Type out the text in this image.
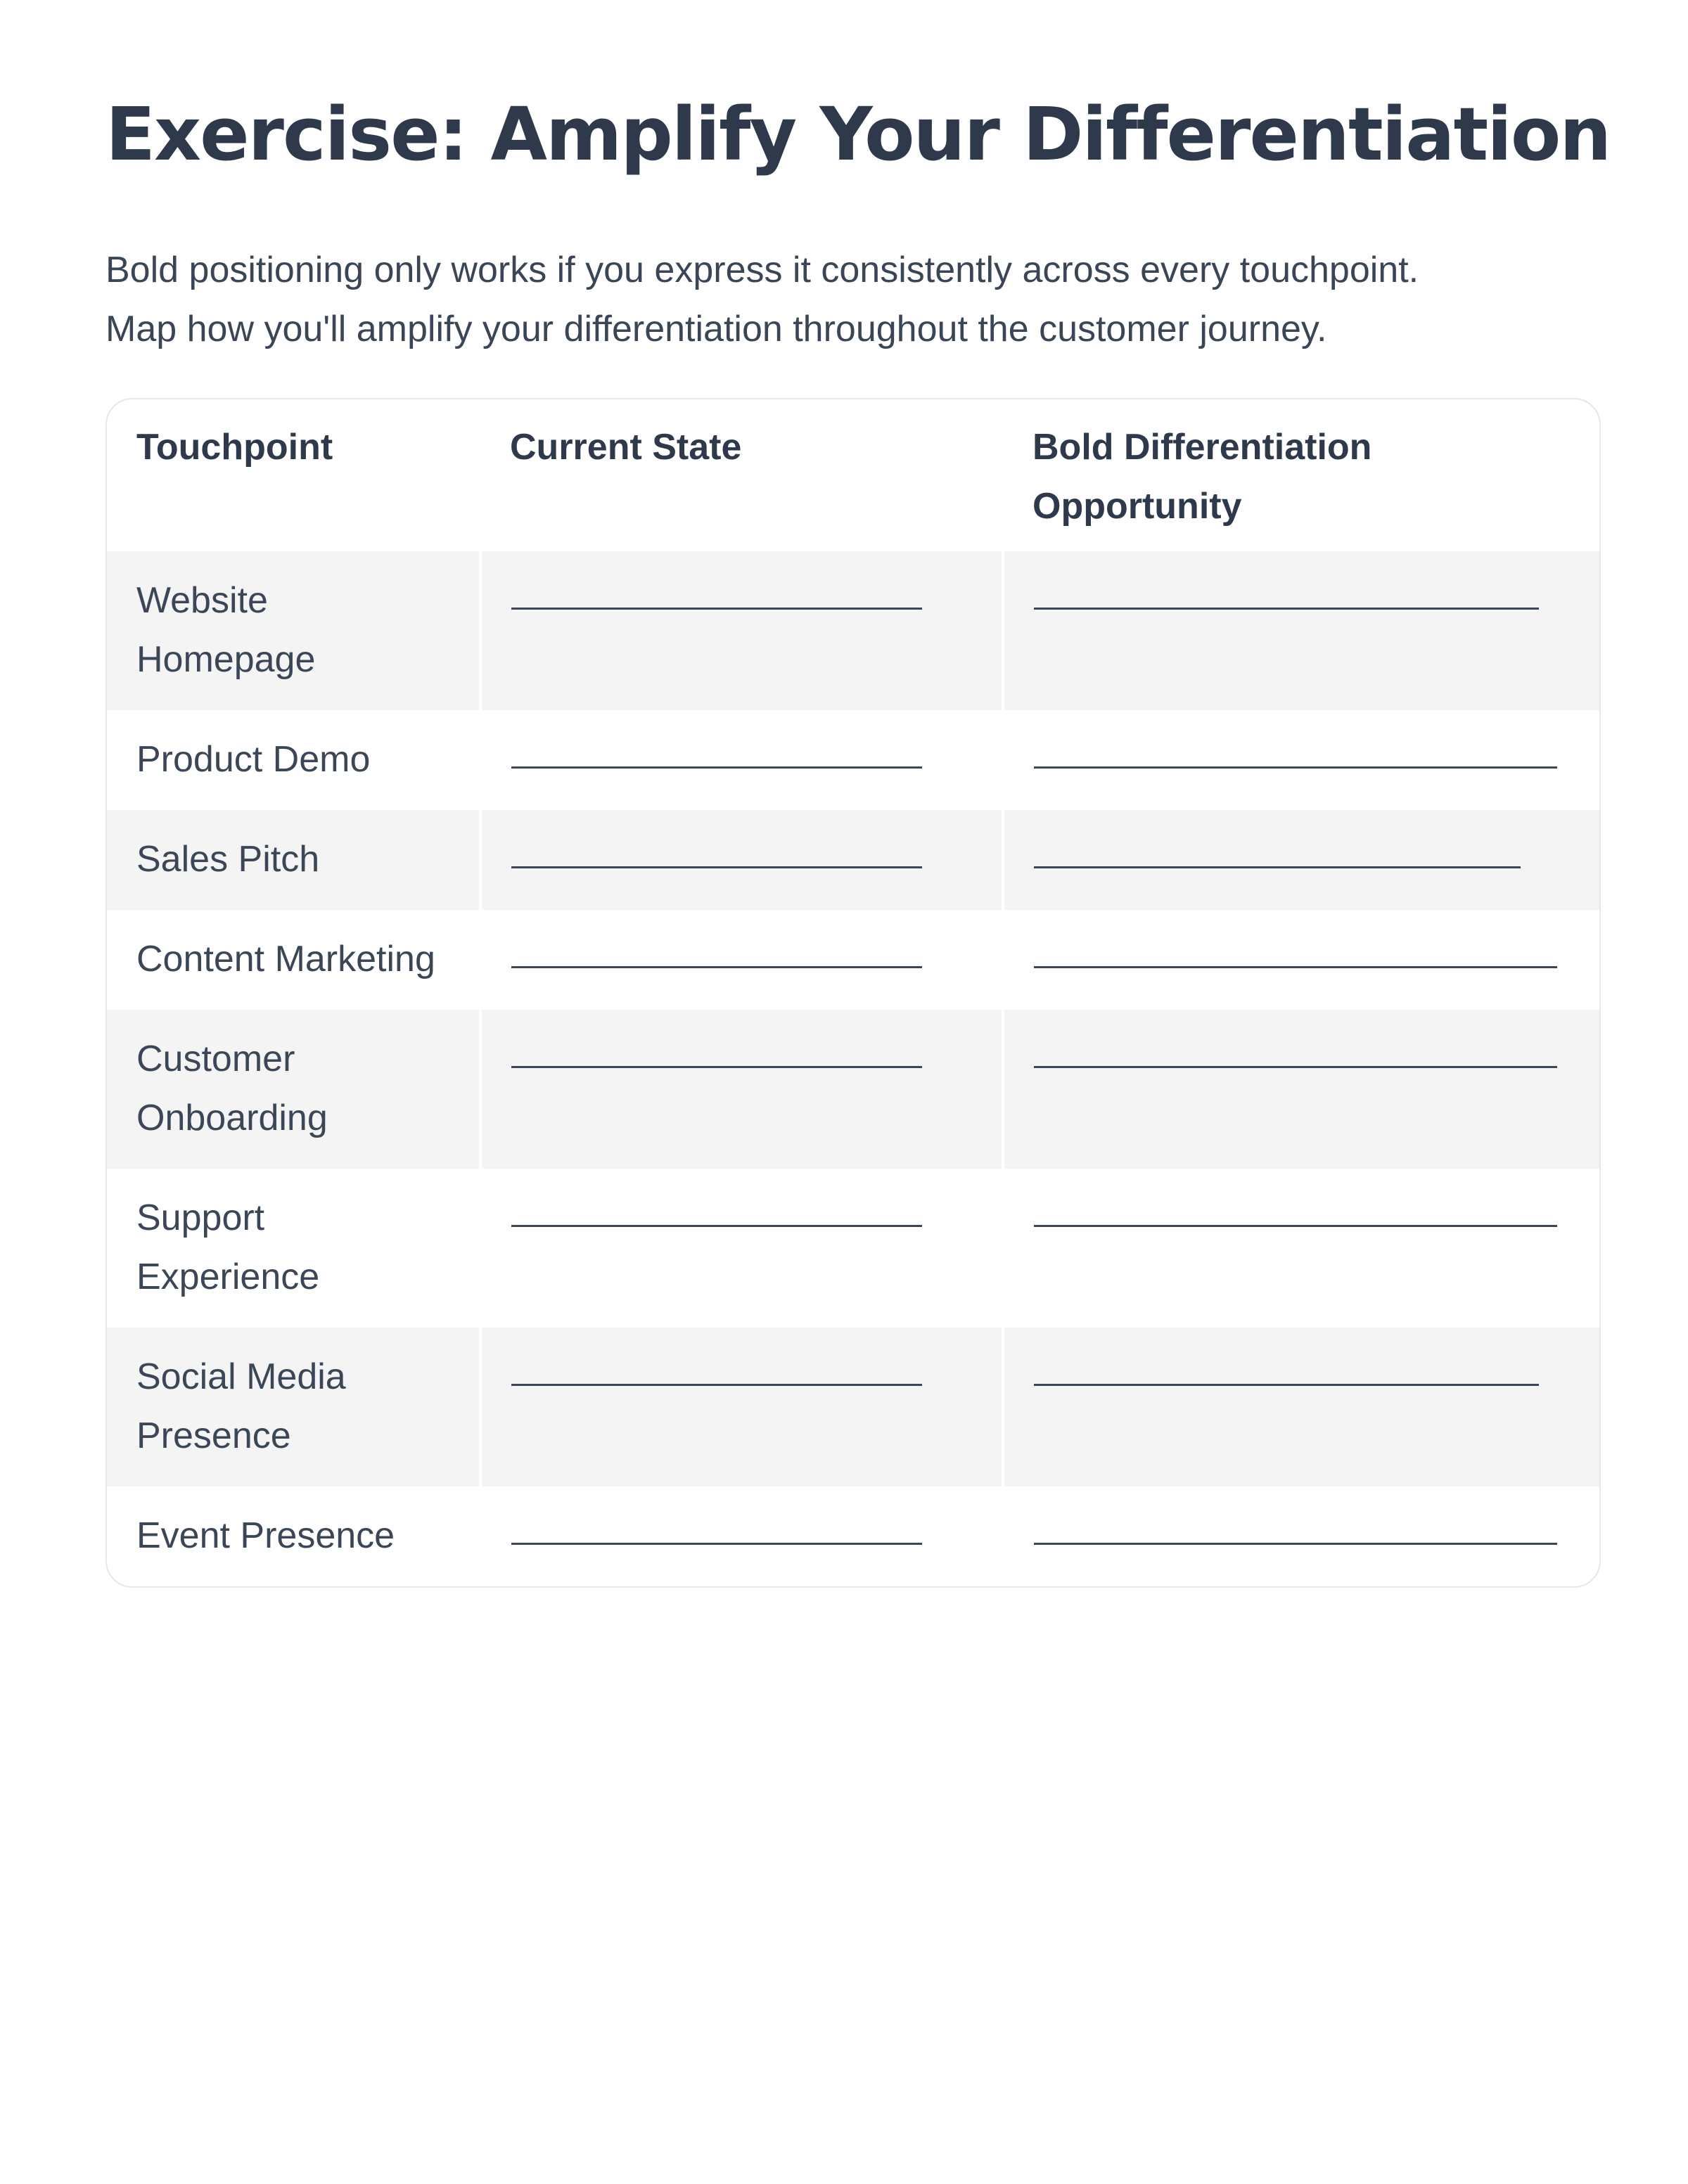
Exercise: Amplify Your Differentiation

Bold positioning only works if you express it consistently across every touchpoint. Map how you'll amplify your differentiation throughout the customer journey.

Touchpoint	Current State	Bold Differentiation Opportunity
Website Homepage		
Product Demo		
Sales Pitch		
Content Marketing		
Customer Onboarding		
Support Experience		
Social Media Presence		
Event Presence		
